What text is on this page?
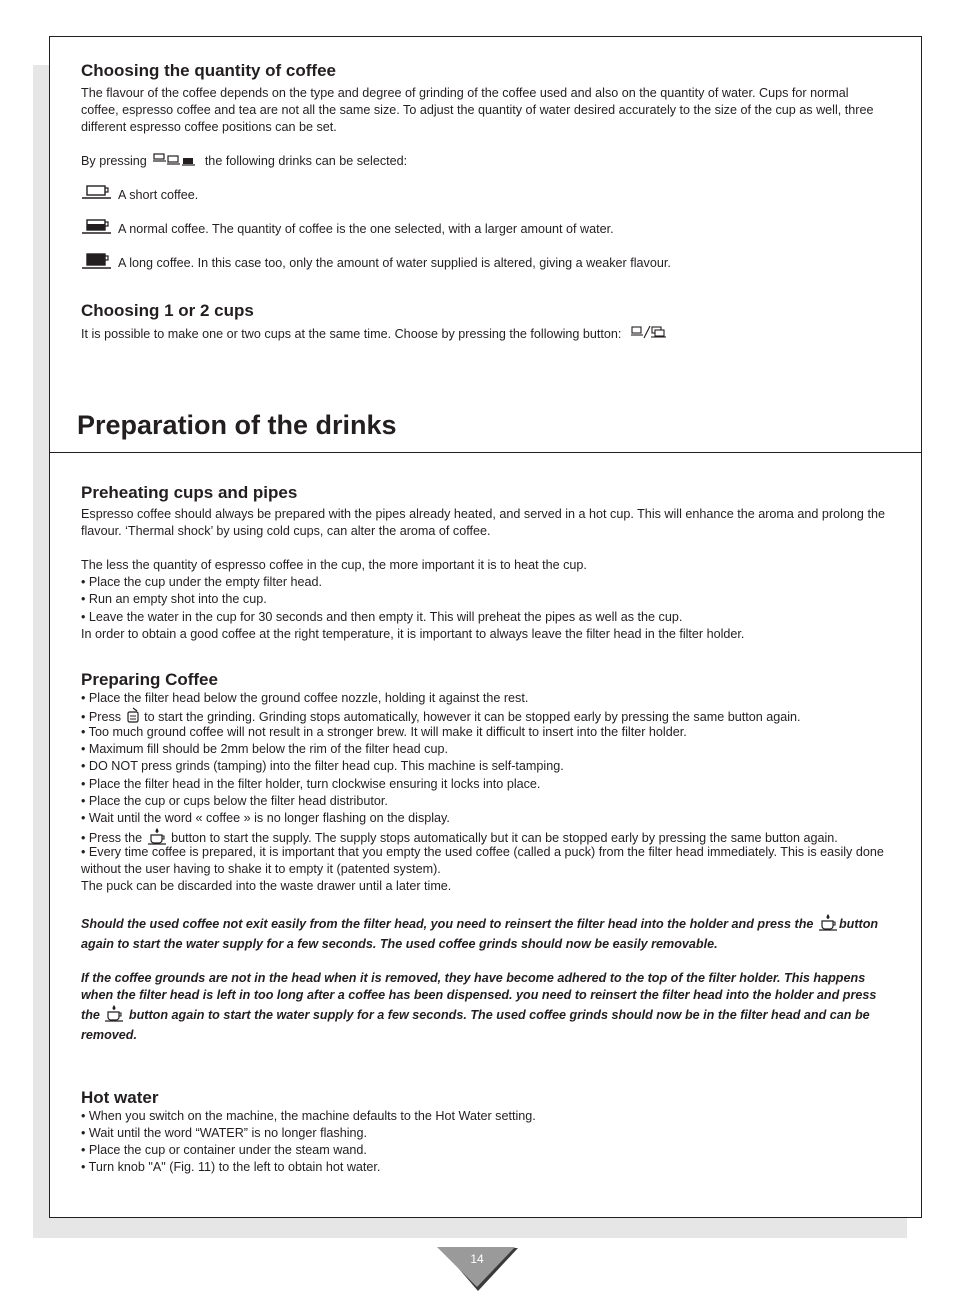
Choosing the quantity of coffee

The flavour of the coffee depends on the type and degree of grinding of the coffee used and also on the quantity of water. Cups for normal coffee, espresso coffee and tea are not all the same size. To adjust the quantity of water desired accurately to the size of the cup as well, three different espresso coffee positions can be set.

By pressing	the following drinks can be selected:
A short coffee.
A normal coffee. The quantity of coffee is the one selected, with a larger amount of water.
A long coffee. In this case too, only the amount of water supplied is altered, giving a weaker flavour.
Choosing 1 or 2 cups
It is possible to make one or two cups at the same time. Choose by pressing the following button:
Preparation of the drinks
Preheating cups and pipes

Espresso coffee should always be prepared with the pipes already heated, and served in a hot cup. This will enhance the aroma and prolong the flavour. ‘Thermal shock’ by using cold cups, can alter the aroma of coffee.

The less the quantity of espresso coffee in the cup, the more important it is to heat the cup.

• Place the cup under the empty filter head.

• Run an empty shot into the cup.

• Leave the water in the cup for 30 seconds and then empty it. This will preheat the pipes as well as the cup.

In order to obtain a good coffee at the right temperature, it is important to always leave the filter head in the filter holder.

Preparing Coffee

• Place the filter head below the ground coffee nozzle, holding it against the rest.

• Press to start the grinding. Grinding stops automatically, however it can be stopped early by pressing the same button again.

• Too much ground coffee will not result in a stronger brew. It will make it difficult to insert into the filter holder.

• Maximum fill should be 2mm below the rim of the filter head cup.

• DO NOT press grinds (tamping) into the filter head cup. This machine is self-tamping.

• Place the filter head in the filter holder, turn clockwise ensuring it locks into place.

• Place the cup or cups below the filter head distributor.

• Wait until the word « coffee » is no longer flashing on the display.

• Press the button to start the supply. The supply stops automatically but it can be stopped early by pressing the same button again.

• Every time coffee is prepared, it is important that you empty the used coffee (called a puck) from the filter head immediately. This is easily done without the user having to shake it to empty it (patented system).

The puck can be discarded into the waste drawer until a later time.

Should the used coffee not exit easily from the filter head, you need to reinsert the filter head into the holder and press the button again to start the water supply for a few seconds. The used coffee grinds should now be easily removable.

If the coffee grounds are not in the head when it is removed, they have become adhered to the top of the filter holder. This happens when the filter head is left in too long after a coffee has been dispensed. you need to reinsert the filter head into the holder and press the button again to start the water supply for a few seconds. The used coffee grinds should now be in the filter head and can be removed.

Hot water

• When you switch on the machine, the machine defaults to the Hot Water setting.

• Wait until the word “WATER” is no longer flashing.

• Place the cup or container under the steam wand.

• Turn knob "A" (Fig. 11) to the left to obtain hot water.

14
